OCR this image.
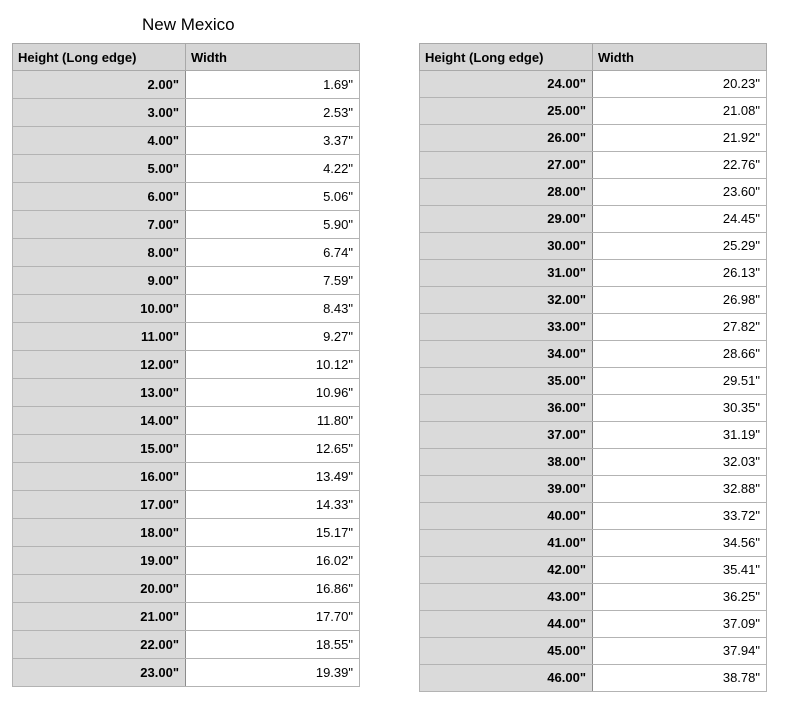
New Mexico
Height (Long edge)	Width
2.00"	1.69"
3.00"	2.53"
4.00"	3.37"
5.00"	4.22"
6.00"	5.06"
7.00"	5.90"
8.00"	6.74"
9.00"	7.59"
10.00"	8.43"
11.00"	9.27"
12.00"	10.12"
13.00"	10.96"
14.00"	11.80"
15.00"	12.65"
16.00"	13.49"
17.00"	14.33"
18.00"	15.17"
19.00"	16.02"
20.00"	16.86"
21.00"	17.70"
22.00"	18.55"
23.00"	19.39"
Height (Long edge)	Width
24.00"	20.23"
25.00"	21.08"
26.00"	21.92"
27.00"	22.76"
28.00"	23.60"
29.00"	24.45"
30.00"	25.29"
31.00"	26.13"
32.00"	26.98"
33.00"	27.82"
34.00"	28.66"
35.00"	29.51"
36.00"	30.35"
37.00"	31.19"
38.00"	32.03"
39.00"	32.88"
40.00"	33.72"
41.00"	34.56"
42.00"	35.41"
43.00"	36.25"
44.00"	37.09"
45.00"	37.94"
46.00"	38.78"
